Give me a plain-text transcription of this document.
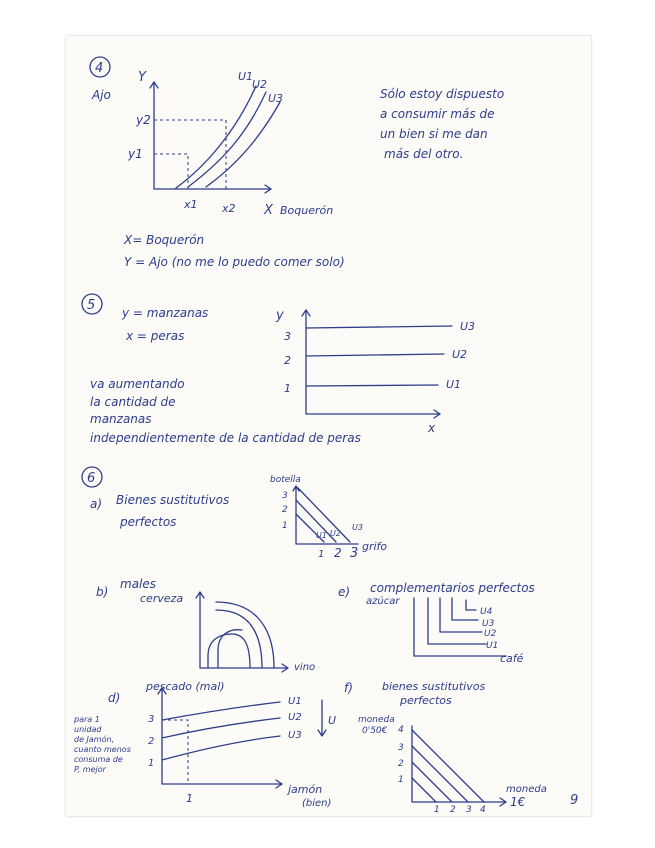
4
Y
Ajo
U1
U2
U3
y2
y1
x1 x2 X Boquerón
Sólo estoy dispuesto
a consumir más de
un bien si me dan
más del otro.
X= Boquerón
Y = Ajo (no me lo puedo comer solo)
5 y = manzanas
x = peras
y
3
2
1
U3
U2
U1
x
va aumentando
la cantidad de
manzanas
independientemente de la cantidad de peras
6
a) Bienes sustitutivos
perfectos
botella
3
2
1
U1 U2
U3
1 2 3 grifo
b)
males
cerveza
vino
e) complementarios perfectos
azúcar
U4
U3
U2
U1
café
d)
pescado (mal)
3
2
1
U1
U2
U3
U
1
jamón
(bien)
para 1
unidad
de Jamón,
cuanto menos
consuma de
P, mejor
f)	bienes sustitutivos
perfectos
moneda
0'50€
3
2
1
4
1 2 3 4
moneda
1€	9
